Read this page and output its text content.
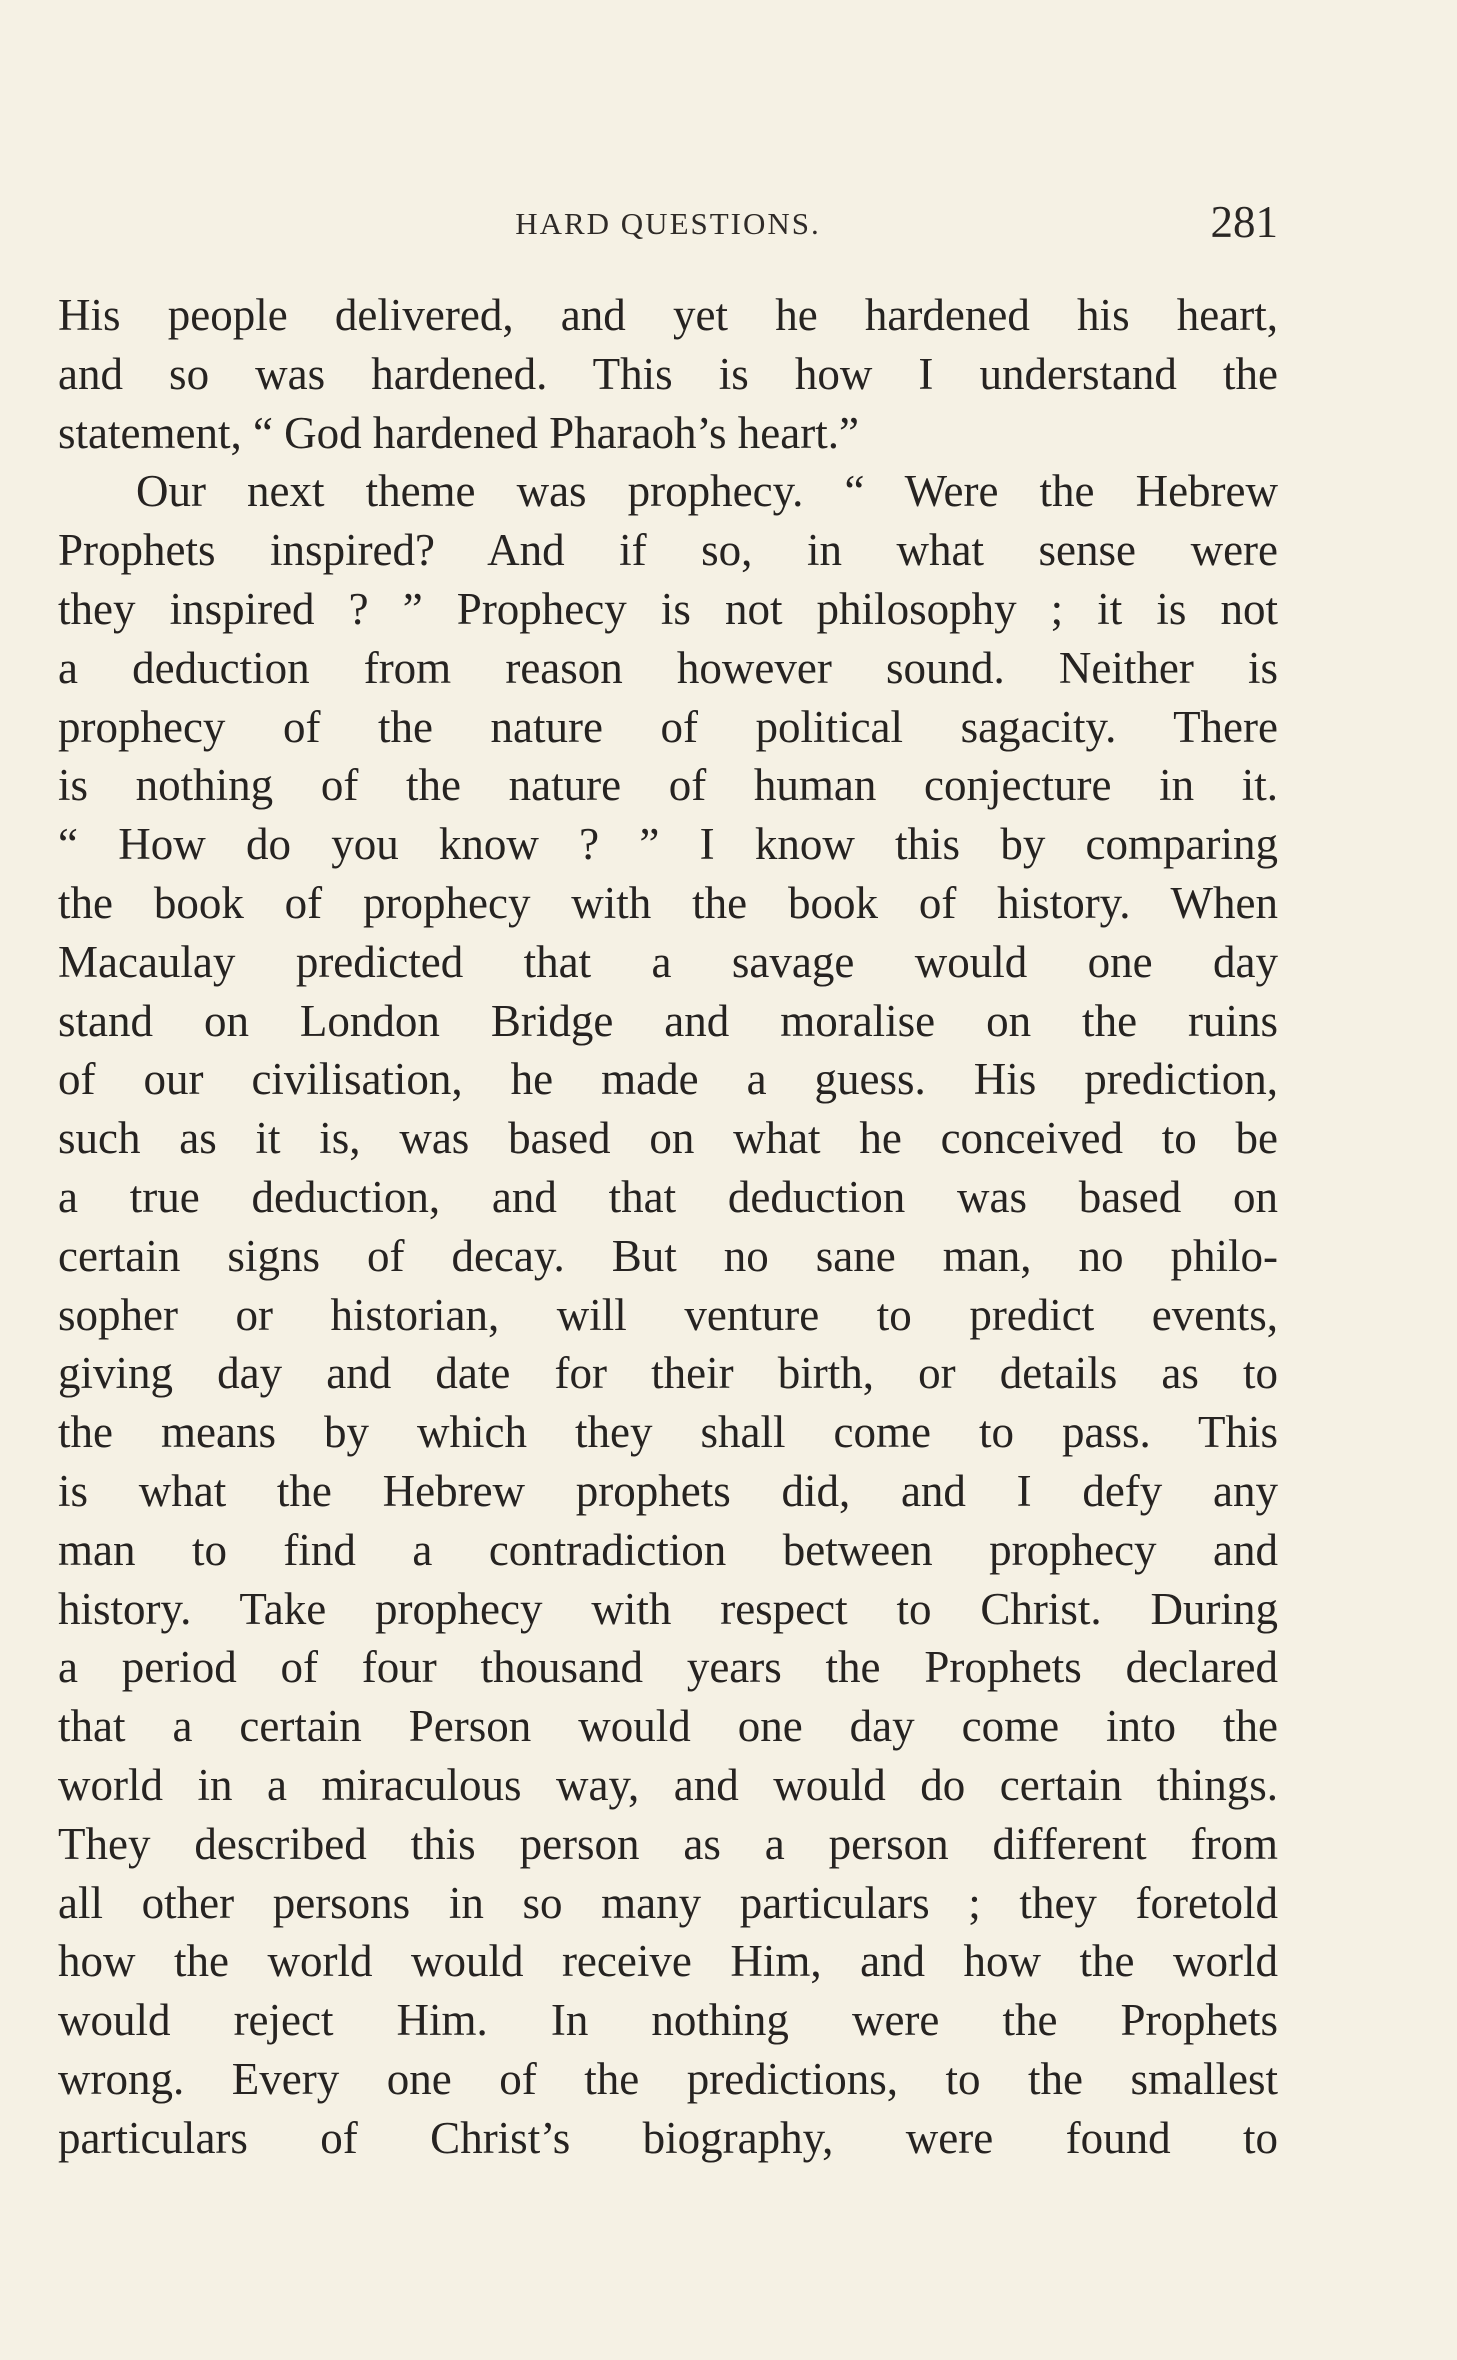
HARD QUESTIONS.	281
His people delivered, and yet he hardened his heart,
and so was hardened. This is how I understand the
statement, “ God hardened Pharaoh’s heart.”
Our next theme was prophecy. “ Were the Hebrew
Prophets inspired? And if so, in what sense were
they inspired ? ” Prophecy is not philosophy ; it is not
a deduction from reason however sound. Neither is
prophecy of the nature of political sagacity. There
is nothing of the nature of human conjecture in it.
“ How do you know ? ” I know this by comparing
the book of prophecy with the book of history. When
Macaulay predicted that a savage would one day
stand on London Bridge and moralise on the ruins
of our civilisation, he made a guess. His prediction,
such as it is, was based on what he conceived to be
a true deduction, and that deduction was based on
certain signs of decay. But no sane man, no philo-
sopher or historian, will venture to predict events,
giving day and date for their birth, or details as to
the means by which they shall come to pass. This
is what the Hebrew prophets did, and I defy any
man to find a contradiction between prophecy and
history. Take prophecy with respect to Christ. During
a period of four thousand years the Prophets declared
that a certain Person would one day come into the
world in a miraculous way, and would do certain things.
They described this person as a person different from
all other persons in so many particulars ; they foretold
how the world would receive Him, and how the world
would reject Him. In nothing were the Prophets
wrong. Every one of the predictions, to the smallest
particulars of Christ’s biography, were found to
